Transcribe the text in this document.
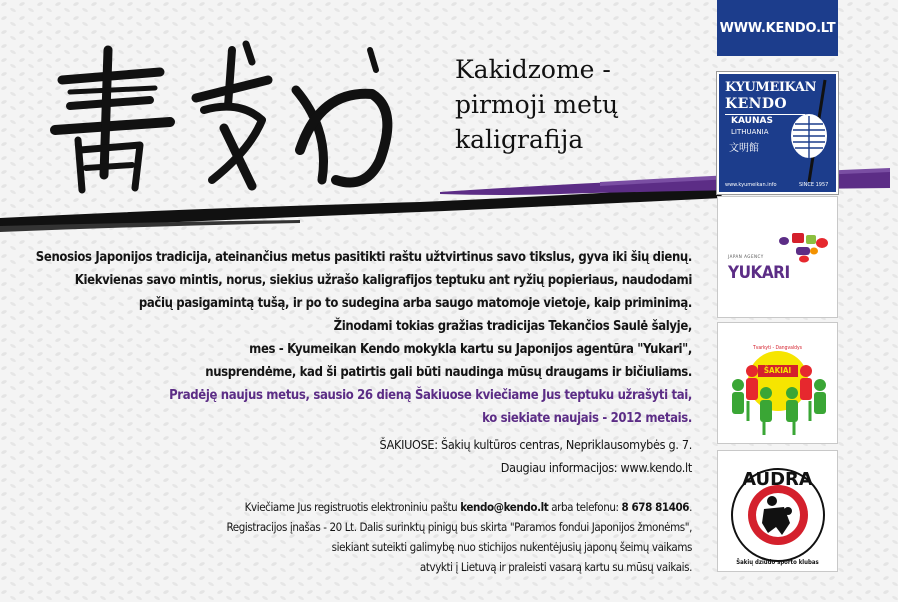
Kakidzome -
pirmoji metų
kaligrafija
Senosios Japonijos tradicija, ateinančius metus pasitikti raštu užtvirtinus savo tikslus, gyva iki šių dienų.
Kiekvienas savo mintis, norus, siekius užrašo kaligrafijos teptuku ant ryžių popieriaus, naudodami
pačių pasigamintą tušą, ir po to sudegina arba saugo matomoje vietoje, kaip priminimą.
Žinodami tokias gražias tradicijas Tekančios Saulė šalyje,
mes - Kyumeikan Kendo mokykla kartu su Japonijos agentūra "Yukari",
nusprendėme, kad ši patirtis gali būti naudinga mūsų draugams ir bičiuliams.
Pradėję naujus metus, sausio 26 dieną Šakiuose kviečiame Jus teptuku užrašyti tai,
ko siekiate naujais - 2012 metais.
ŠAKIUOSE: Šakių kultūros centras, Nepriklausomybės g. 7.
Daugiau informacijos: www.kendo.lt
Kviečiame Jus registruotis elektroniniu paštu kendo@kendo.lt arba telefonu: 8 678 81406.
Registracijos įnašas - 20 Lt. Dalis surinktų pinigų bus skirta "Paramos fondui Japonijos žmonėms",
siekiant suteikti galimybę nuo stichijos nukentėjusių japonų šeimų vaikams
atvykti į Lietuvą ir praleisti vasarą kartu su mūsų vaikais.
WWW.KENDO.LT
KYUMEIKAN
KENDO
KAUNAS
LITHUANIA
文明館
www.kyumeikan.info	SINCE 1957
JAPAN AGENCY
YUKARI
Tvarkyti - Dangvaldys
ŠAKIAI
AUDRA
Šakių dziudo sporto klubas
